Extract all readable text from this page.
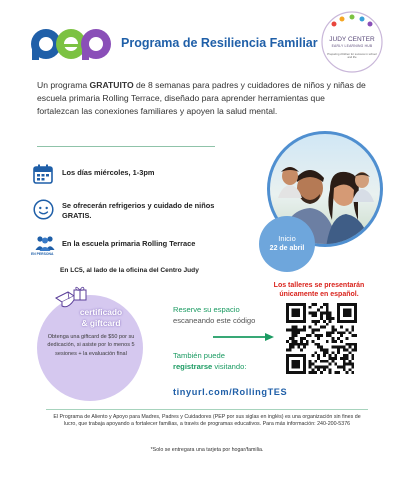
Programa de Resiliencia Familiar	JUDY CENTER
EARLY LEARNING HUB
Preparing children for success in school and life
Un programa GRATUITO de 8 semanas para padres y cuidadores de niños y niñas de escuela primaria Rolling Terrace, diseñado para aprender herramientas que fortalezcan las conexiones familiares y apoyen la salud mental.
Los días miércoles, 1-3pm
Se ofrecerán refrigerios y cuidado de niños GRATIS.
EN PERSONA
En la escuela primaria Rolling Terrace
En LC5, al lado de la oficina del Centro Judy
Inicio
22 de abril
Los talleres se presentarán únicamente en español.
certificado
& giftcard
Obtenga una giftcard de $50 por su dedicación, si asiste por lo menos 5 sesiones + la evaluación final
Reserve su espacio
escaneando este código
También puede
registrarse visitando:
tinyurl.com/RollingTES
El Programa de Aliento y Apoyo para Madres, Padres y Cuidadores (PEP por sus siglas en inglés) es una organización sin fines de lucro, que trabaja apoyando a fortalecer familias, a través de programas educativos. Para más información: 240-200-5376
*Solo se entregara una tarjeta por hogar/familia.
